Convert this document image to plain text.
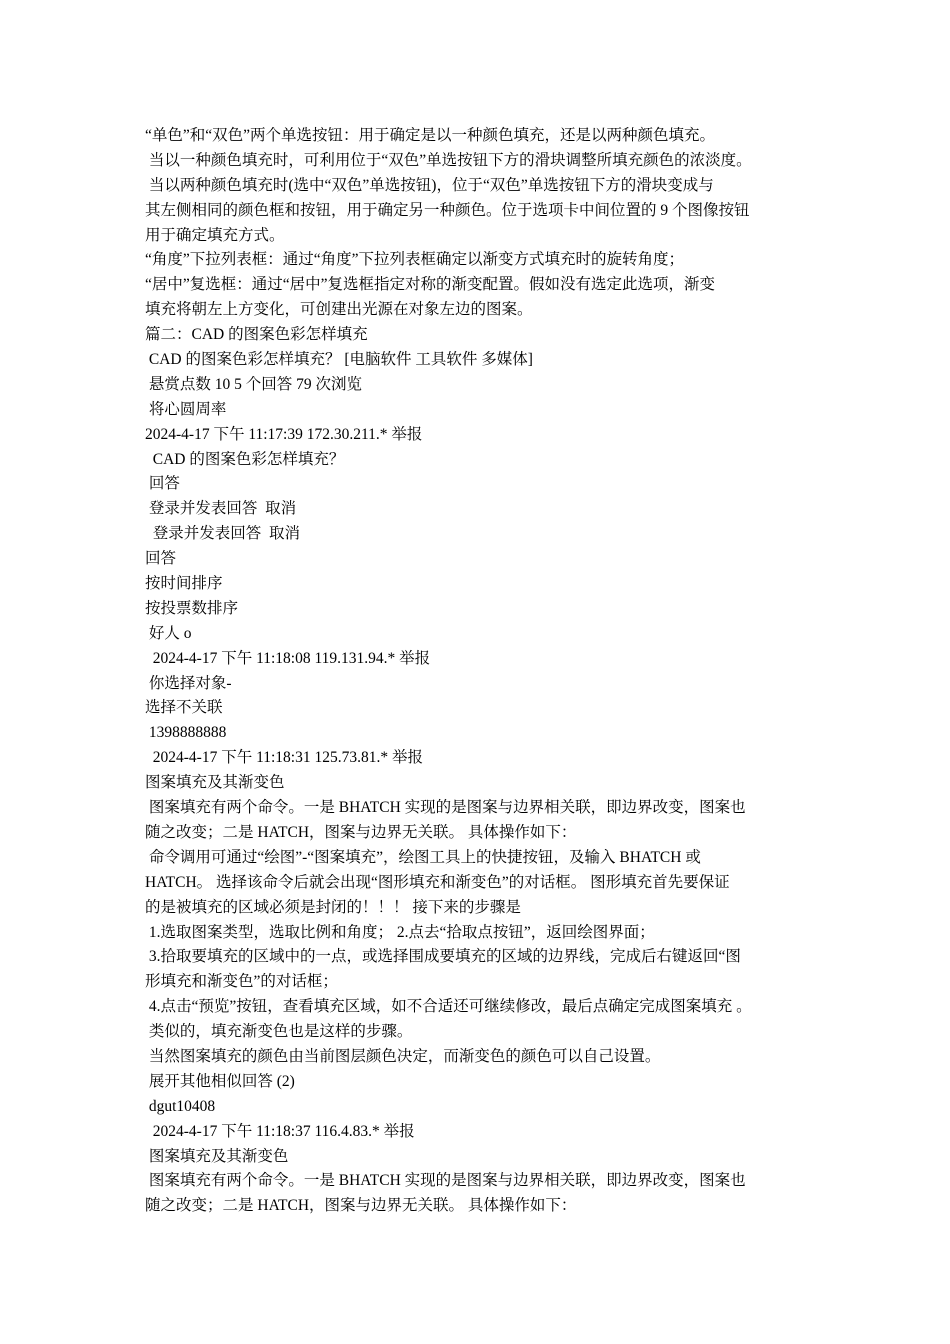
“单色”和“双色”两个单选按钮：用于确定是以一种颜色填充，还是以两种颜色填充。
当以一种颜色填充时，可利用位于“双色”单选按钮下方的滑块调整所填充颜色的浓淡度。
当以两种颜色填充时(选中“双色”单选按钮)，位于“双色”单选按钮下方的滑块变成与
其左侧相同的颜色框和按钮，用于确定另一种颜色。位于选项卡中间位置的 9 个图像按钮
用于确定填充方式。
“角度”下拉列表框：通过“角度”下拉列表框确定以渐变方式填充时的旋转角度；
“居中”复选框：通过“居中”复选框指定对称的渐变配置。假如没有选定此选项，渐变
填充将朝左上方变化，可创建出光源在对象左边的图案。
篇二：CAD 的图案色彩怎样填充
CAD 的图案色彩怎样填充？ [电脑软件 工具软件 多媒体]
悬赏点数 10 5 个回答 79 次浏览
将心圆周率
2024-4-17 下午 11:17:39 172.30.211.* 举报
CAD 的图案色彩怎样填充？
回答
登录并发表回答  取消
登录并发表回答  取消
回答
按时间排序
按投票数排序
好人 o
2024-4-17 下午 11:18:08 119.131.94.* 举报
你选择对象-
选择不关联
1398888888
2024-4-17 下午 11:18:31 125.73.81.* 举报
图案填充及其渐变色
图案填充有两个命令。一是 BHATCH 实现的是图案与边界相关联，即边界改变，图案也
随之改变；二是 HATCH，图案与边界无关联。 具体操作如下：
命令调用可通过“绘图”-“图案填充”，绘图工具上的快捷按钮，及输入 BHATCH 或
HATCH。 选择该命令后就会出现“图形填充和渐变色”的对话框。 图形填充首先要保证
的是被填充的区域必须是封闭的！！！ 接下来的步骤是
1.选取图案类型，选取比例和角度； 2.点去“拾取点按钮”，返回绘图界面；
3.拾取要填充的区域中的一点，或选择围成要填充的区域的边界线，完成后右键返回“图
形填充和渐变色”的对话框；
4.点击“预览”按钮，查看填充区域，如不合适还可继续修改，最后点确定完成图案填充 。
类似的，填充渐变色也是这样的步骤。
当然图案填充的颜色由当前图层颜色决定，而渐变色的颜色可以自己设置。
展开其他相似回答 (2)
dgut10408
2024-4-17 下午 11:18:37 116.4.83.* 举报
图案填充及其渐变色
图案填充有两个命令。一是 BHATCH 实现的是图案与边界相关联，即边界改变，图案也
随之改变；二是 HATCH，图案与边界无关联。 具体操作如下：
